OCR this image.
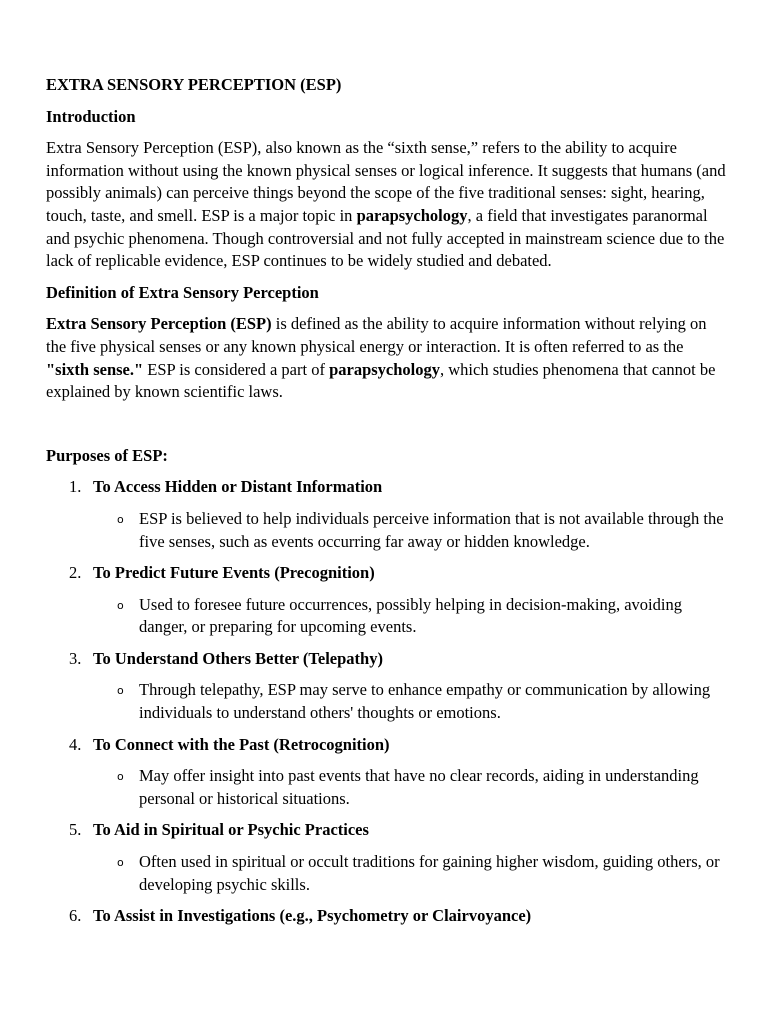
EXTRA SENSORY PERCEPTION (ESP)
Introduction

Extra Sensory Perception (ESP), also known as the “sixth sense,” refers to the ability to acquire information without using the known physical senses or logical inference. It suggests that humans (and possibly animals) can perceive things beyond the scope of the five traditional senses: sight, hearing, touch, taste, and smell. ESP is a major topic in parapsychology, a field that investigates paranormal and psychic phenomena. Though controversial and not fully accepted in mainstream science due to the lack of replicable evidence, ESP continues to be widely studied and debated.

Definition of Extra Sensory Perception

Extra Sensory Perception (ESP) is defined as the ability to acquire information without relying on the five physical senses or any known physical energy or interaction. It is often referred to as the "sixth sense." ESP is considered a part of parapsychology, which studies phenomena that cannot be explained by known scientific laws.

Purposes of ESP:
1. To Access Hidden or Distant Information
o ESP is believed to help individuals perceive information that is not available through the five senses, such as events occurring far away or hidden knowledge.
2. To Predict Future Events (Precognition)
o Used to foresee future occurrences, possibly helping in decision-making, avoiding danger, or preparing for upcoming events.
3. To Understand Others Better (Telepathy)
o Through telepathy, ESP may serve to enhance empathy or communication by allowing individuals to understand others' thoughts or emotions.
4. To Connect with the Past (Retrocognition)
o May offer insight into past events that have no clear records, aiding in understanding personal or historical situations.
5. To Aid in Spiritual or Psychic Practices
o Often used in spiritual or occult traditions for gaining higher wisdom, guiding others, or developing psychic skills.
6. To Assist in Investigations (e.g., Psychometry or Clairvoyance)
